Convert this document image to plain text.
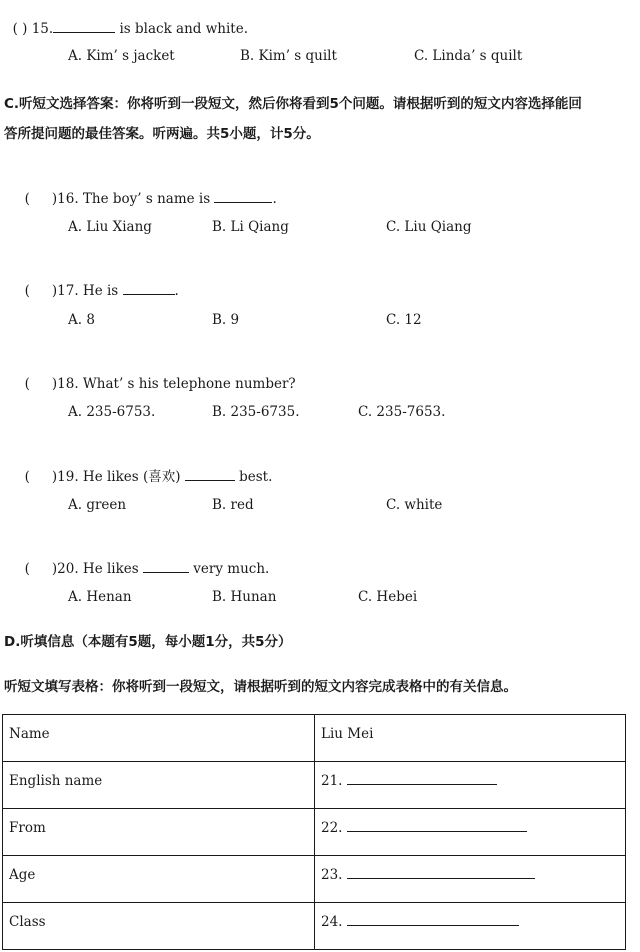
( ) 15.	is black and white.

A. Kim’ s jacket	B. Kim’ s quilt	C. Linda’ s quilt
C.听短文选择答案：你将听到一段短文，然后你将看到5个问题。请根据听到的短文内容选择能回
答所提问题的最佳答案。听两遍。共5小题，计5分。

( )16. The boy’ s name is	.

A. Liu Xiang	B. Li Qiang	C. Liu Qiang

( )17. He is	.

A. 8	B. 9	C. 12

( )18. What’ s his telephone number?

A. 235-6753.	B. 235-6735.	C. 235-7653.

( )19. He likes (喜欢)	best.

A. green	B. red	C. white

( )20. He likes	very much.

A. Henan	B. Hunan	C. Hebei
D.听填信息（本题有5题，每小题1分，共5分）
听短文填写表格：你将听到一段短文，请根据听到的短文内容完成表格中的有关信息。
Name	Liu Mei
English name	21.
From	22.
Age	23.
Class	24.
